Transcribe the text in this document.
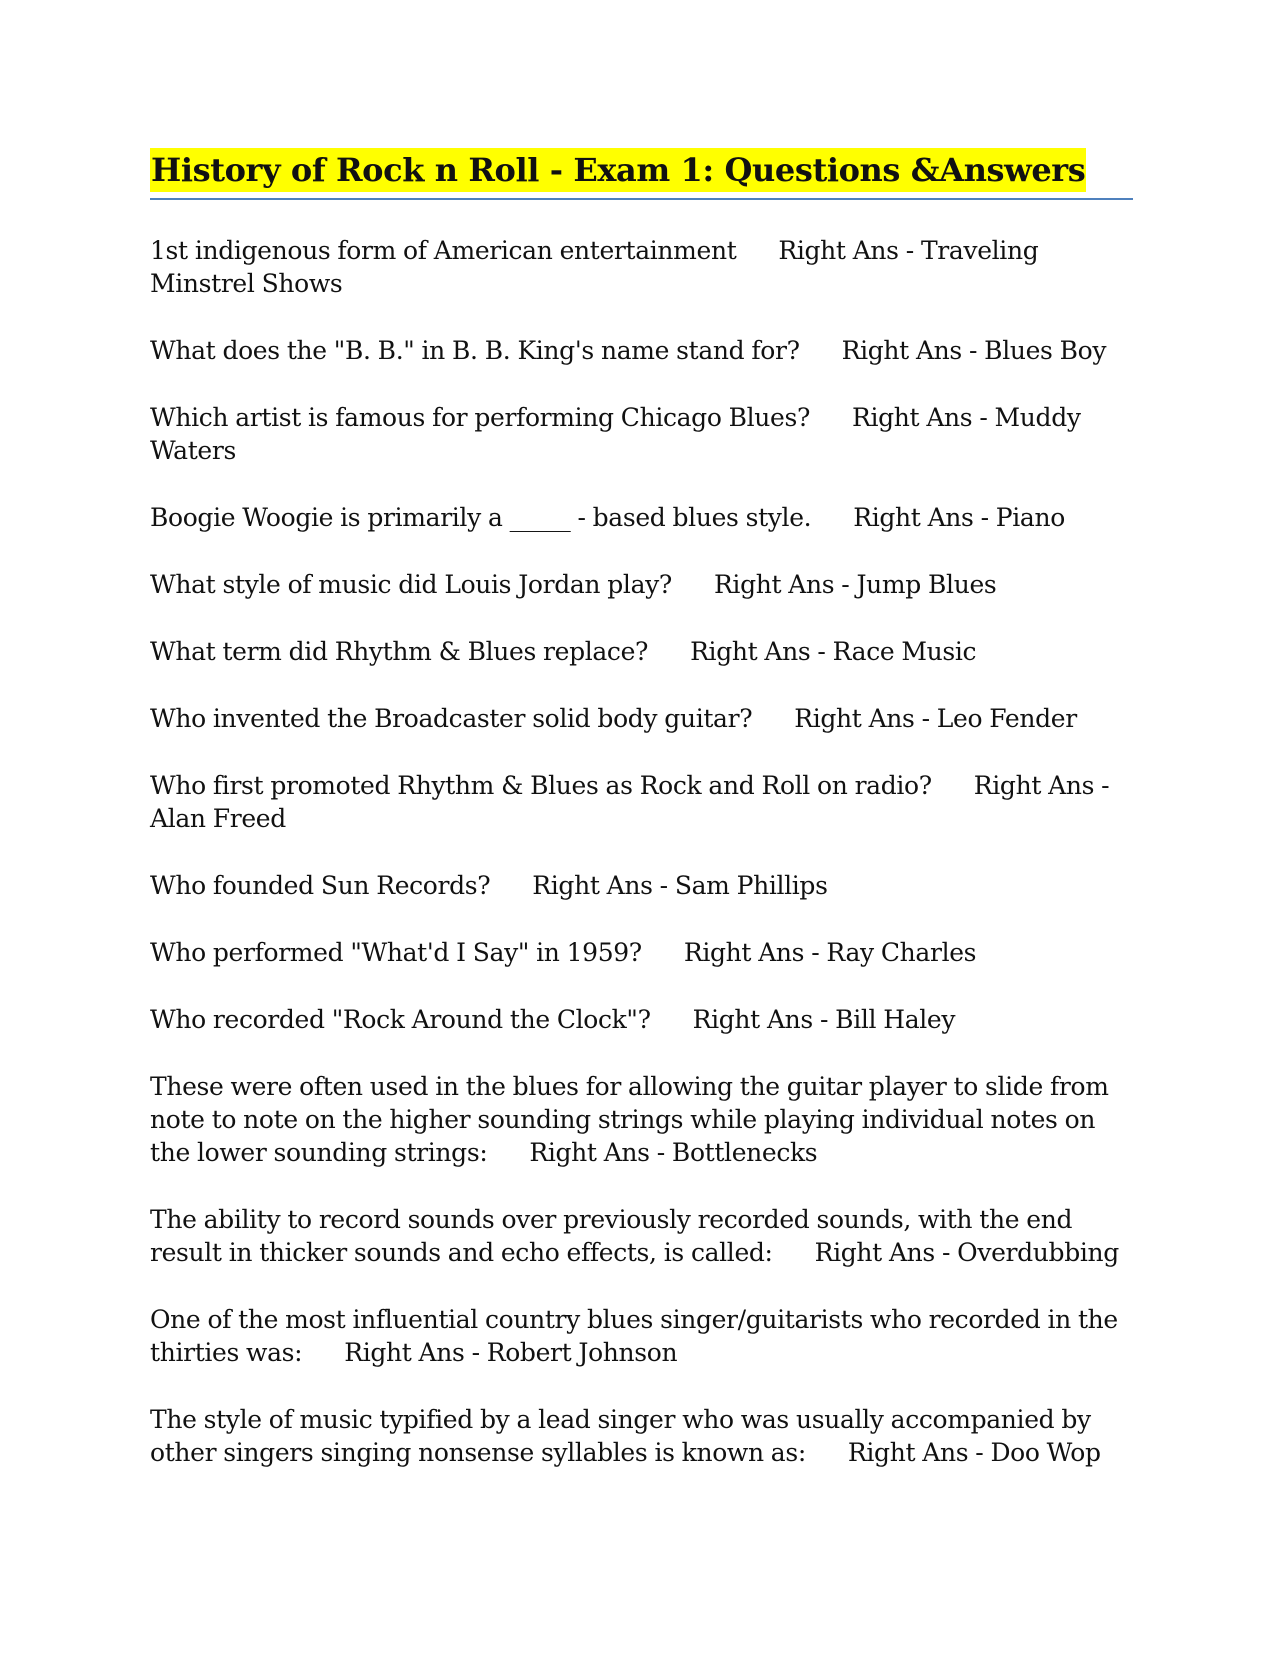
History of Rock n Roll - Exam 1: Questions &Answers
1st indigenous form of American entertainment Right Ans - Traveling Minstrel Shows
What does the "B. B." in B. B. King's name stand for? Right Ans - Blues Boy
Which artist is famous for performing Chicago Blues? Right Ans - Muddy Waters
Boogie Woogie is primarily a _____ - based blues style. Right Ans - Piano
What style of music did Louis Jordan play? Right Ans - Jump Blues
What term did Rhythm & Blues replace? Right Ans - Race Music
Who invented the Broadcaster solid body guitar? Right Ans - Leo Fender
Who first promoted Rhythm & Blues as Rock and Roll on radio? Right Ans - Alan Freed
Who founded Sun Records? Right Ans - Sam Phillips
Who performed "What'd I Say" in 1959? Right Ans - Ray Charles
Who recorded "Rock Around the Clock"? Right Ans - Bill Haley
These were often used in the blues for allowing the guitar player to slide from note to note on the higher sounding strings while playing individual notes on the lower sounding strings: Right Ans - Bottlenecks
The ability to record sounds over previously recorded sounds, with the end result in thicker sounds and echo effects, is called: Right Ans - Overdubbing
One of the most influential country blues singer/guitarists who recorded in the thirties was: Right Ans - Robert Johnson
The style of music typified by a lead singer who was usually accompanied by other singers singing nonsense syllables is known as: Right Ans - Doo Wop
